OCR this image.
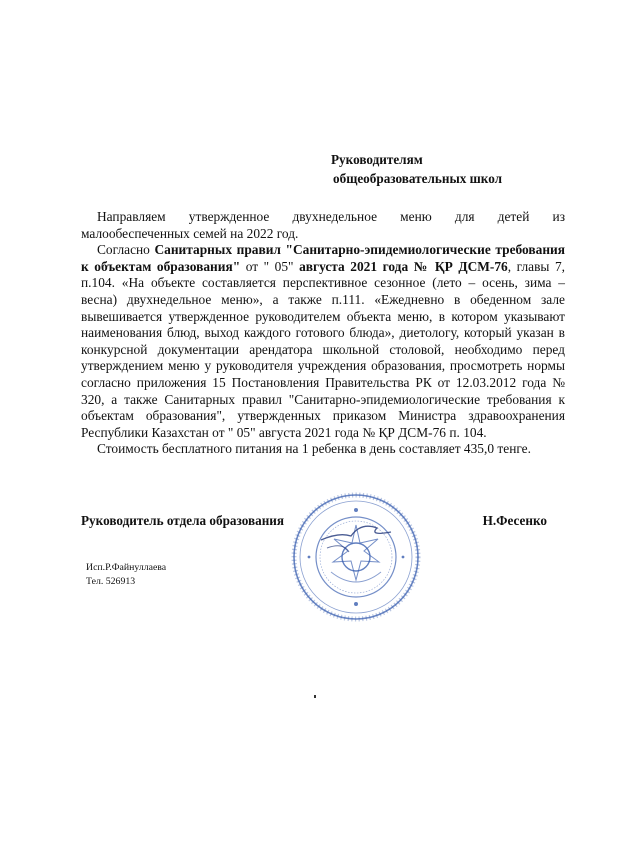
Руководителям
общеобразовательных школ

Направляем утвержденное двухнедельное меню для детей из

малообеспеченных семей на 2022 год.

Согласно Санитарных правил "Санитарно-эпидемиологические требования к объектам образования" от " 05" августа 2021 года № ҚР ДСМ-76, главы 7, п.104. «На объекте составляется перспективное сезонное (лето – осень, зима – весна) двухнедельное меню», а также п.111. «Ежедневно в обеденном зале вывешивается утвержденное руководителем объекта меню, в котором указывают наименования блюд, выход каждого готового блюда», диетологу, который указан в конкурсной документации арендатора школьной столовой, необходимо перед утверждением меню у руководителя учреждения образования, просмотреть нормы согласно приложения 15 Постановления Правительства РК от 12.03.2012 года № 320, а также Санитарных правил "Санитарно-эпидемиологические требования к объектам образования", утвержденных приказом Министра здравоохранения Республики Казахстан от " 05" августа 2021 года № ҚР ДСМ-76 п. 104.

Стоимость бесплатного питания на 1 ребенка в день составляет 435,0 тенге.

Руководитель отдела образования	Н.Фесенко
Исп.Р.Файнуллаева
Тел. 526913
